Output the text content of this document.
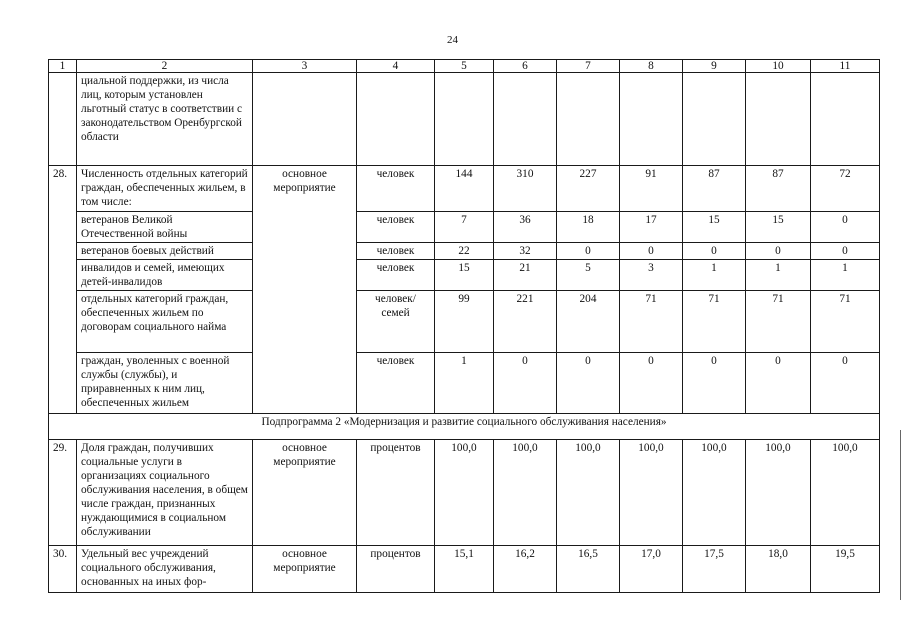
24
1	2	3	4	5	6	7	8	9	10	11
	циальной поддержки, из числа лиц, которым установлен льготный статус в соответствии с законодательством Оренбургской области									
28.	Численность отдельных категорий граждан, обеспеченных жильем, в том числе:	основное мероприятие	человек	144	310	227	91	87	87	72
	ветеранов Великой Отечественной войны		человек	7	36	18	17	15	15	0
	ветеранов боевых действий		человек	22	32	0	0	0	0	0
	инвалидов и семей, имеющих детей-инвалидов		человек	15	21	5	3	1	1	1
	отдельных категорий граждан, обеспеченных жильем по договорам социального найма		человек/ семей	99	221	204	71	71	71	71
	граждан, уволенных с военной службы (службы), и приравненных к ним лиц, обеспеченных жильем		человек	1	0	0	0	0	0	0
Подпрограмма 2 «Модернизация и развитие социального обслуживания населения»										
29.	Доля граждан, получивших социальные услуги в организациях социального обслуживания населения, в общем числе граждан, признанных нуждающимися в социальном обслуживании	основное мероприятие	процентов	100,0	100,0	100,0	100,0	100,0	100,0	100,0
30.	Удельный вес учреждений социального обслуживания, основанных на иных фор-	основное мероприятие	процентов	15,1	16,2	16,5	17,0	17,5	18,0	19,5
